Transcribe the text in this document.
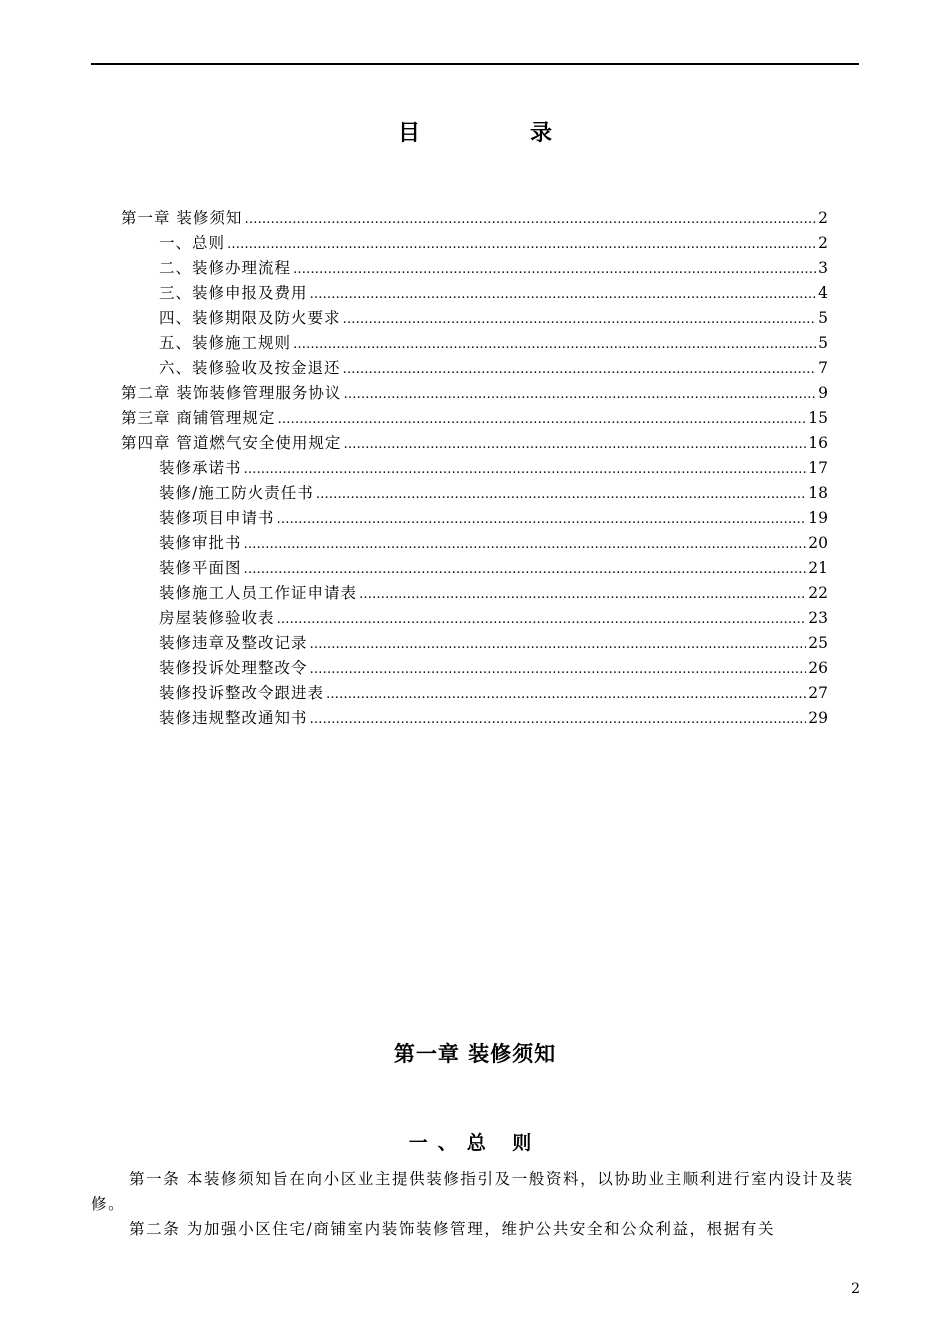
目　录
第一章 装修须知 ……………………………………………………………………………………………………………………………………………………………………………………………………………………………………	2
一、总则 ……………………………………………………………………………………………………………………………………………………………………………………………………………………………………	2
二、装修办理流程 ……………………………………………………………………………………………………………………………………………………………………………………………………………………………………	3
三、装修申报及费用 ……………………………………………………………………………………………………………………………………………………………………………………………………………………………………	4
四、装修期限及防火要求 ……………………………………………………………………………………………………………………………………………………………………………………………………………………………………	5
五、装修施工规则 ……………………………………………………………………………………………………………………………………………………………………………………………………………………………………	5
六、装修验收及按金退还 ……………………………………………………………………………………………………………………………………………………………………………………………………………………………………	7
第二章 装饰装修管理服务协议 ……………………………………………………………………………………………………………………………………………………………………………………………………………………………………	9
第三章 商铺管理规定 ……………………………………………………………………………………………………………………………………………………………………………………………………………………………………	15
第四章 管道燃气安全使用规定 ……………………………………………………………………………………………………………………………………………………………………………………………………………………………………	16
装修承诺书 ……………………………………………………………………………………………………………………………………………………………………………………………………………………………………	17
装修/施工防火责任书 ……………………………………………………………………………………………………………………………………………………………………………………………………………………………………	18
装修项目申请书 ……………………………………………………………………………………………………………………………………………………………………………………………………………………………………	19
装修审批书 ……………………………………………………………………………………………………………………………………………………………………………………………………………………………………	20
装修平面图 ……………………………………………………………………………………………………………………………………………………………………………………………………………………………………	21
装修施工人员工作证申请表 ……………………………………………………………………………………………………………………………………………………………………………………………………………………………………	22
房屋装修验收表 ……………………………………………………………………………………………………………………………………………………………………………………………………………………………………	23
装修违章及整改记录 ……………………………………………………………………………………………………………………………………………………………………………………………………………………………………	25
装修投诉处理整改令 ……………………………………………………………………………………………………………………………………………………………………………………………………………………………………	26
装修投诉整改令跟进表 ……………………………………………………………………………………………………………………………………………………………………………………………………………………………………	27
装修违规整改通知书 ……………………………………………………………………………………………………………………………………………………………………………………………………………………………………	29
第一章 装修须知
一、总 则

第一条 本装修须知旨在向小区业主提供装修指引及一般资料，以协助业主顺利进行室内设计及装修。

第二条 为加强小区住宅/商铺室内装饰装修管理，维护公共安全和公众利益，根据有关

2
